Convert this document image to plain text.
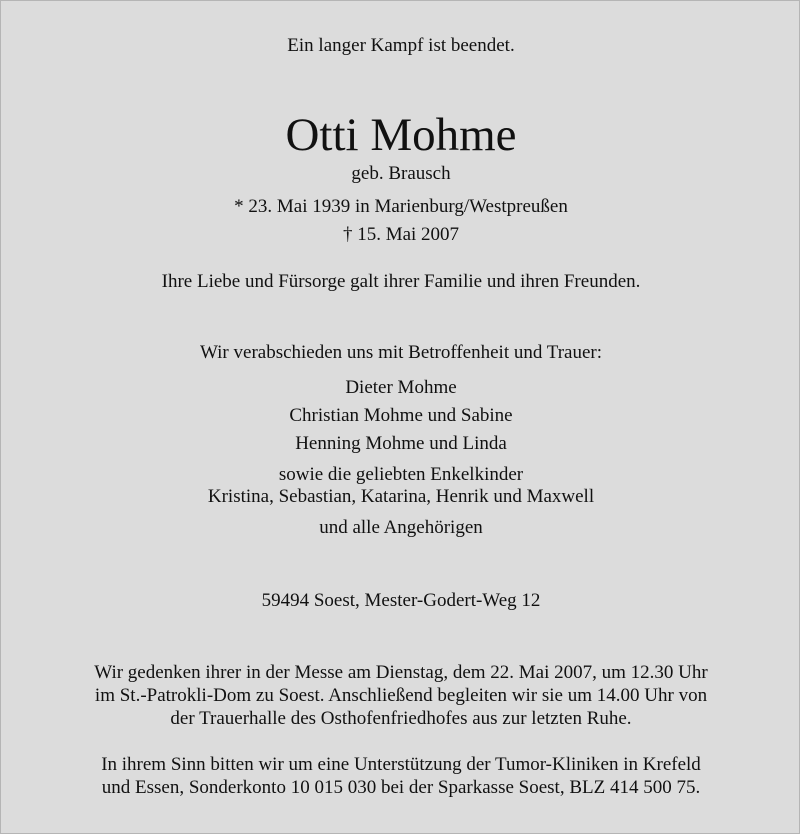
Ein langer Kampf ist beendet.
Otti Mohme
geb. Brausch
* 23. Mai 1939 in Marienburg/Westpreußen
† 15. Mai 2007
Ihre Liebe und Fürsorge galt ihrer Familie und ihren Freunden.
Wir verabschieden uns mit Betroffenheit und Trauer:
Dieter Mohme
Christian Mohme und Sabine
Henning Mohme und Linda
sowie die geliebten Enkelkinder
Kristina, Sebastian, Katarina, Henrik und Maxwell
und alle Angehörigen
59494 Soest, Mester-Godert-Weg 12
Wir gedenken ihrer in der Messe am Dienstag, dem 22. Mai 2007, um 12.30 Uhr
im St.-Patrokli-Dom zu Soest. Anschließend begleiten wir sie um 14.00 Uhr von
der Trauerhalle des Osthofenfriedhofes aus zur letzten Ruhe.
In ihrem Sinn bitten wir um eine Unterstützung der Tumor-Kliniken in Krefeld
und Essen, Sonderkonto 10 015 030 bei der Sparkasse Soest, BLZ 414 500 75.
